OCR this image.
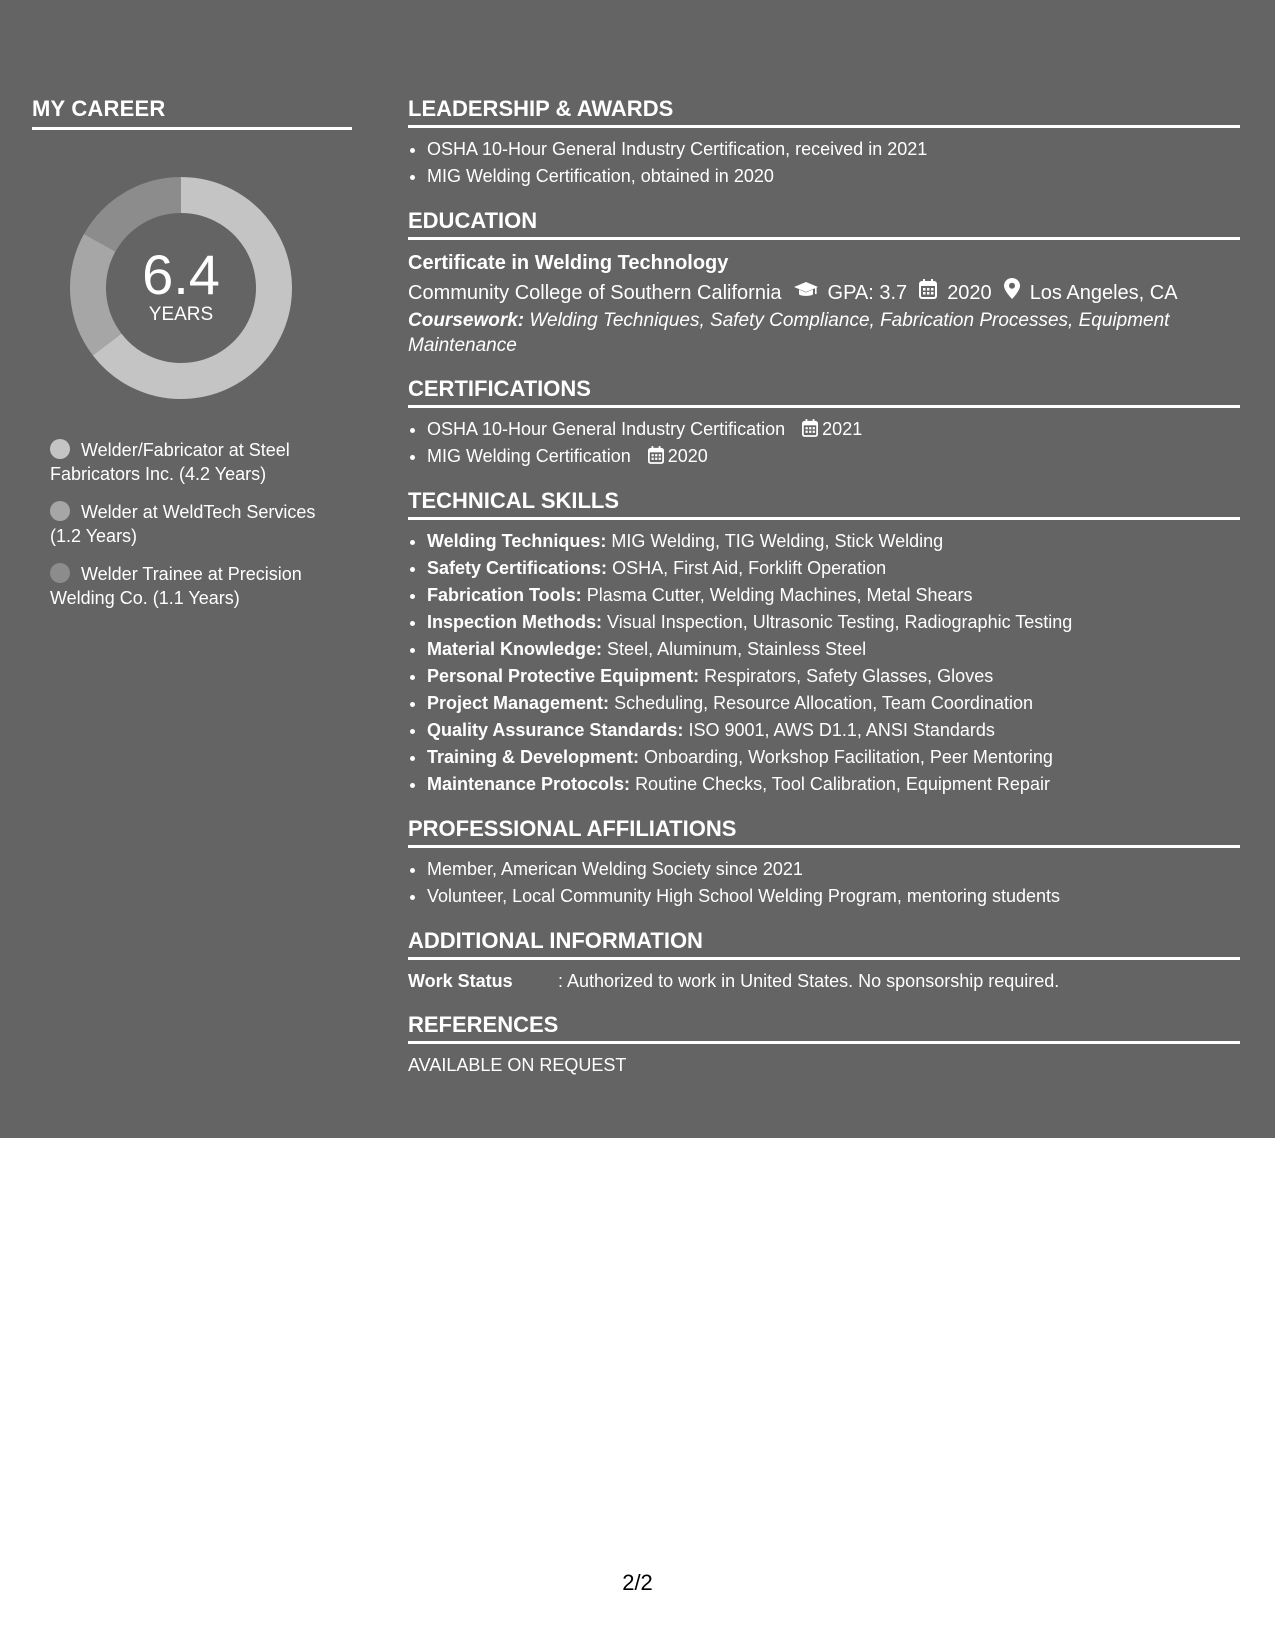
MY CAREER
6.4
YEARS
Welder/Fabricator at Steel Fabricators Inc. (4.2 Years)
Welder at WeldTech Services (1.2 Years)
Welder Trainee at Precision Welding Co. (1.1 Years)
LEADERSHIP & AWARDS
• OSHA 10-Hour General Industry Certification, received in 2021
• MIG Welding Certification, obtained in 2020
EDUCATION
Certificate in Welding Technology
Community College of Southern California GPA: 3.7 2020 Los Angeles, CA
Coursework: Welding Techniques, Safety Compliance, Fabrication Processes, Equipment Maintenance
CERTIFICATIONS
• OSHA 10-Hour General Industry Certification 2021
• MIG Welding Certification 2020
TECHNICAL SKILLS
• Welding Techniques: MIG Welding, TIG Welding, Stick Welding
• Safety Certifications: OSHA, First Aid, Forklift Operation
• Fabrication Tools: Plasma Cutter, Welding Machines, Metal Shears
• Inspection Methods: Visual Inspection, Ultrasonic Testing, Radiographic Testing
• Material Knowledge: Steel, Aluminum, Stainless Steel
• Personal Protective Equipment: Respirators, Safety Glasses, Gloves
• Project Management: Scheduling, Resource Allocation, Team Coordination
• Quality Assurance Standards: ISO 9001, AWS D1.1, ANSI Standards
• Training & Development: Onboarding, Workshop Facilitation, Peer Mentoring
• Maintenance Protocols: Routine Checks, Tool Calibration, Equipment Repair
PROFESSIONAL AFFILIATIONS
• Member, American Welding Society since 2021
• Volunteer, Local Community High School Welding Program, mentoring students
ADDITIONAL INFORMATION
Work Status	: Authorized to work in United States. No sponsorship required.
REFERENCES
AVAILABLE ON REQUEST
2/2
